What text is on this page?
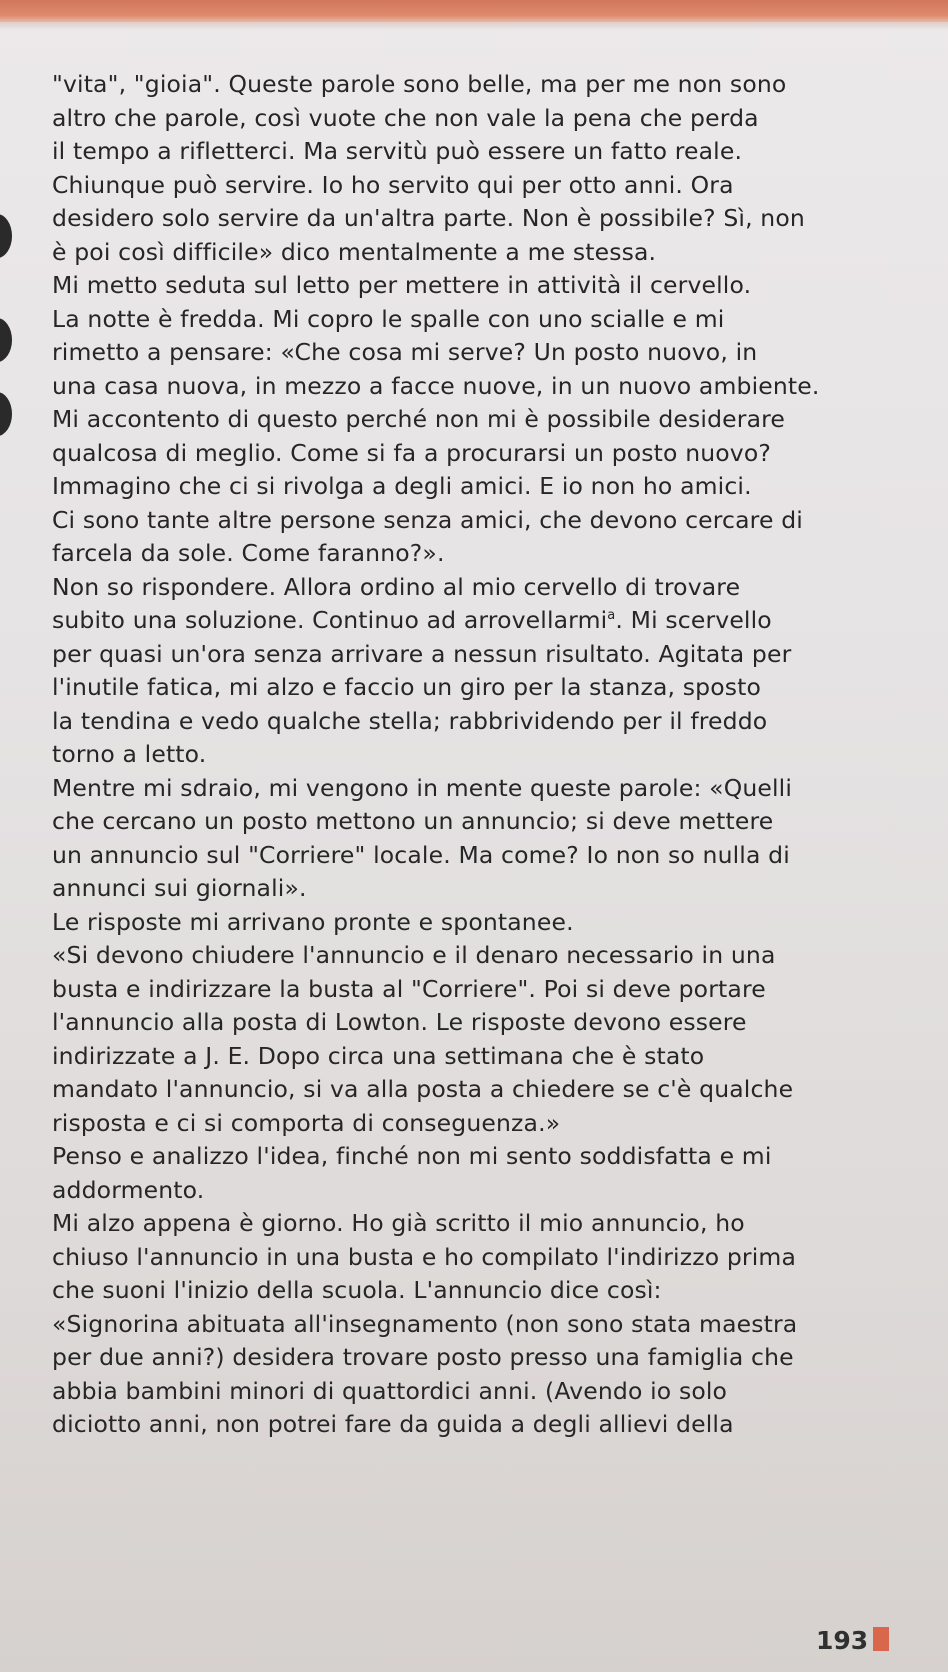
"vita", "gioia". Queste parole sono belle, ma per me non sono

altro che parole, così vuote che non vale la pena che perda

il tempo a rifletterci. Ma servitù può essere un fatto reale.

Chiunque può servire. Io ho servito qui per otto anni. Ora

desidero solo servire da un'altra parte. Non è possibile? Sì, non

è poi così difficile» dico mentalmente a me stessa.

Mi metto seduta sul letto per mettere in attività il cervello.

La notte è fredda. Mi copro le spalle con uno scialle e mi

rimetto a pensare: «Che cosa mi serve? Un posto nuovo, in

una casa nuova, in mezzo a facce nuove, in un nuovo ambiente.

Mi accontento di questo perché non mi è possibile desiderare

qualcosa di meglio. Come si fa a procurarsi un posto nuovo?

Immagino che ci si rivolga a degli amici. E io non ho amici.

Ci sono tante altre persone senza amici, che devono cercare di

farcela da sole. Come faranno?».

Non so rispondere. Allora ordino al mio cervello di trovare

subito una soluzione. Continuo ad arrovellarmi$^a$. Mi scervello

per quasi un'ora senza arrivare a nessun risultato. Agitata per

l'inutile fatica, mi alzo e faccio un giro per la stanza, sposto

la tendina e vedo qualche stella; rabbrividendo per il freddo

torno a letto.

Mentre mi sdraio, mi vengono in mente queste parole: «Quelli

che cercano un posto mettono un annuncio; si deve mettere

un annuncio sul "Corriere" locale. Ma come? Io non so nulla di

annunci sui giornali».

Le risposte mi arrivano pronte e spontanee.

«Si devono chiudere l'annuncio e il denaro necessario in una

busta e indirizzare la busta al "Corriere". Poi si deve portare

l'annuncio alla posta di Lowton. Le risposte devono essere

indirizzate a J. E. Dopo circa una settimana che è stato

mandato l'annuncio, si va alla posta a chiedere se c'è qualche

risposta e ci si comporta di conseguenza.»

Penso e analizzo l'idea, finché non mi sento soddisfatta e mi

addormento.

Mi alzo appena è giorno. Ho già scritto il mio annuncio, ho

chiuso l'annuncio in una busta e ho compilato l'indirizzo prima

che suoni l'inizio della scuola. L'annuncio dice così:

«Signorina abituata all'insegnamento (non sono stata maestra

per due anni?) desidera trovare posto presso una famiglia che

abbia bambini minori di quattordici anni. (Avendo io solo

diciotto anni, non potrei fare da guida a degli allievi della

193
